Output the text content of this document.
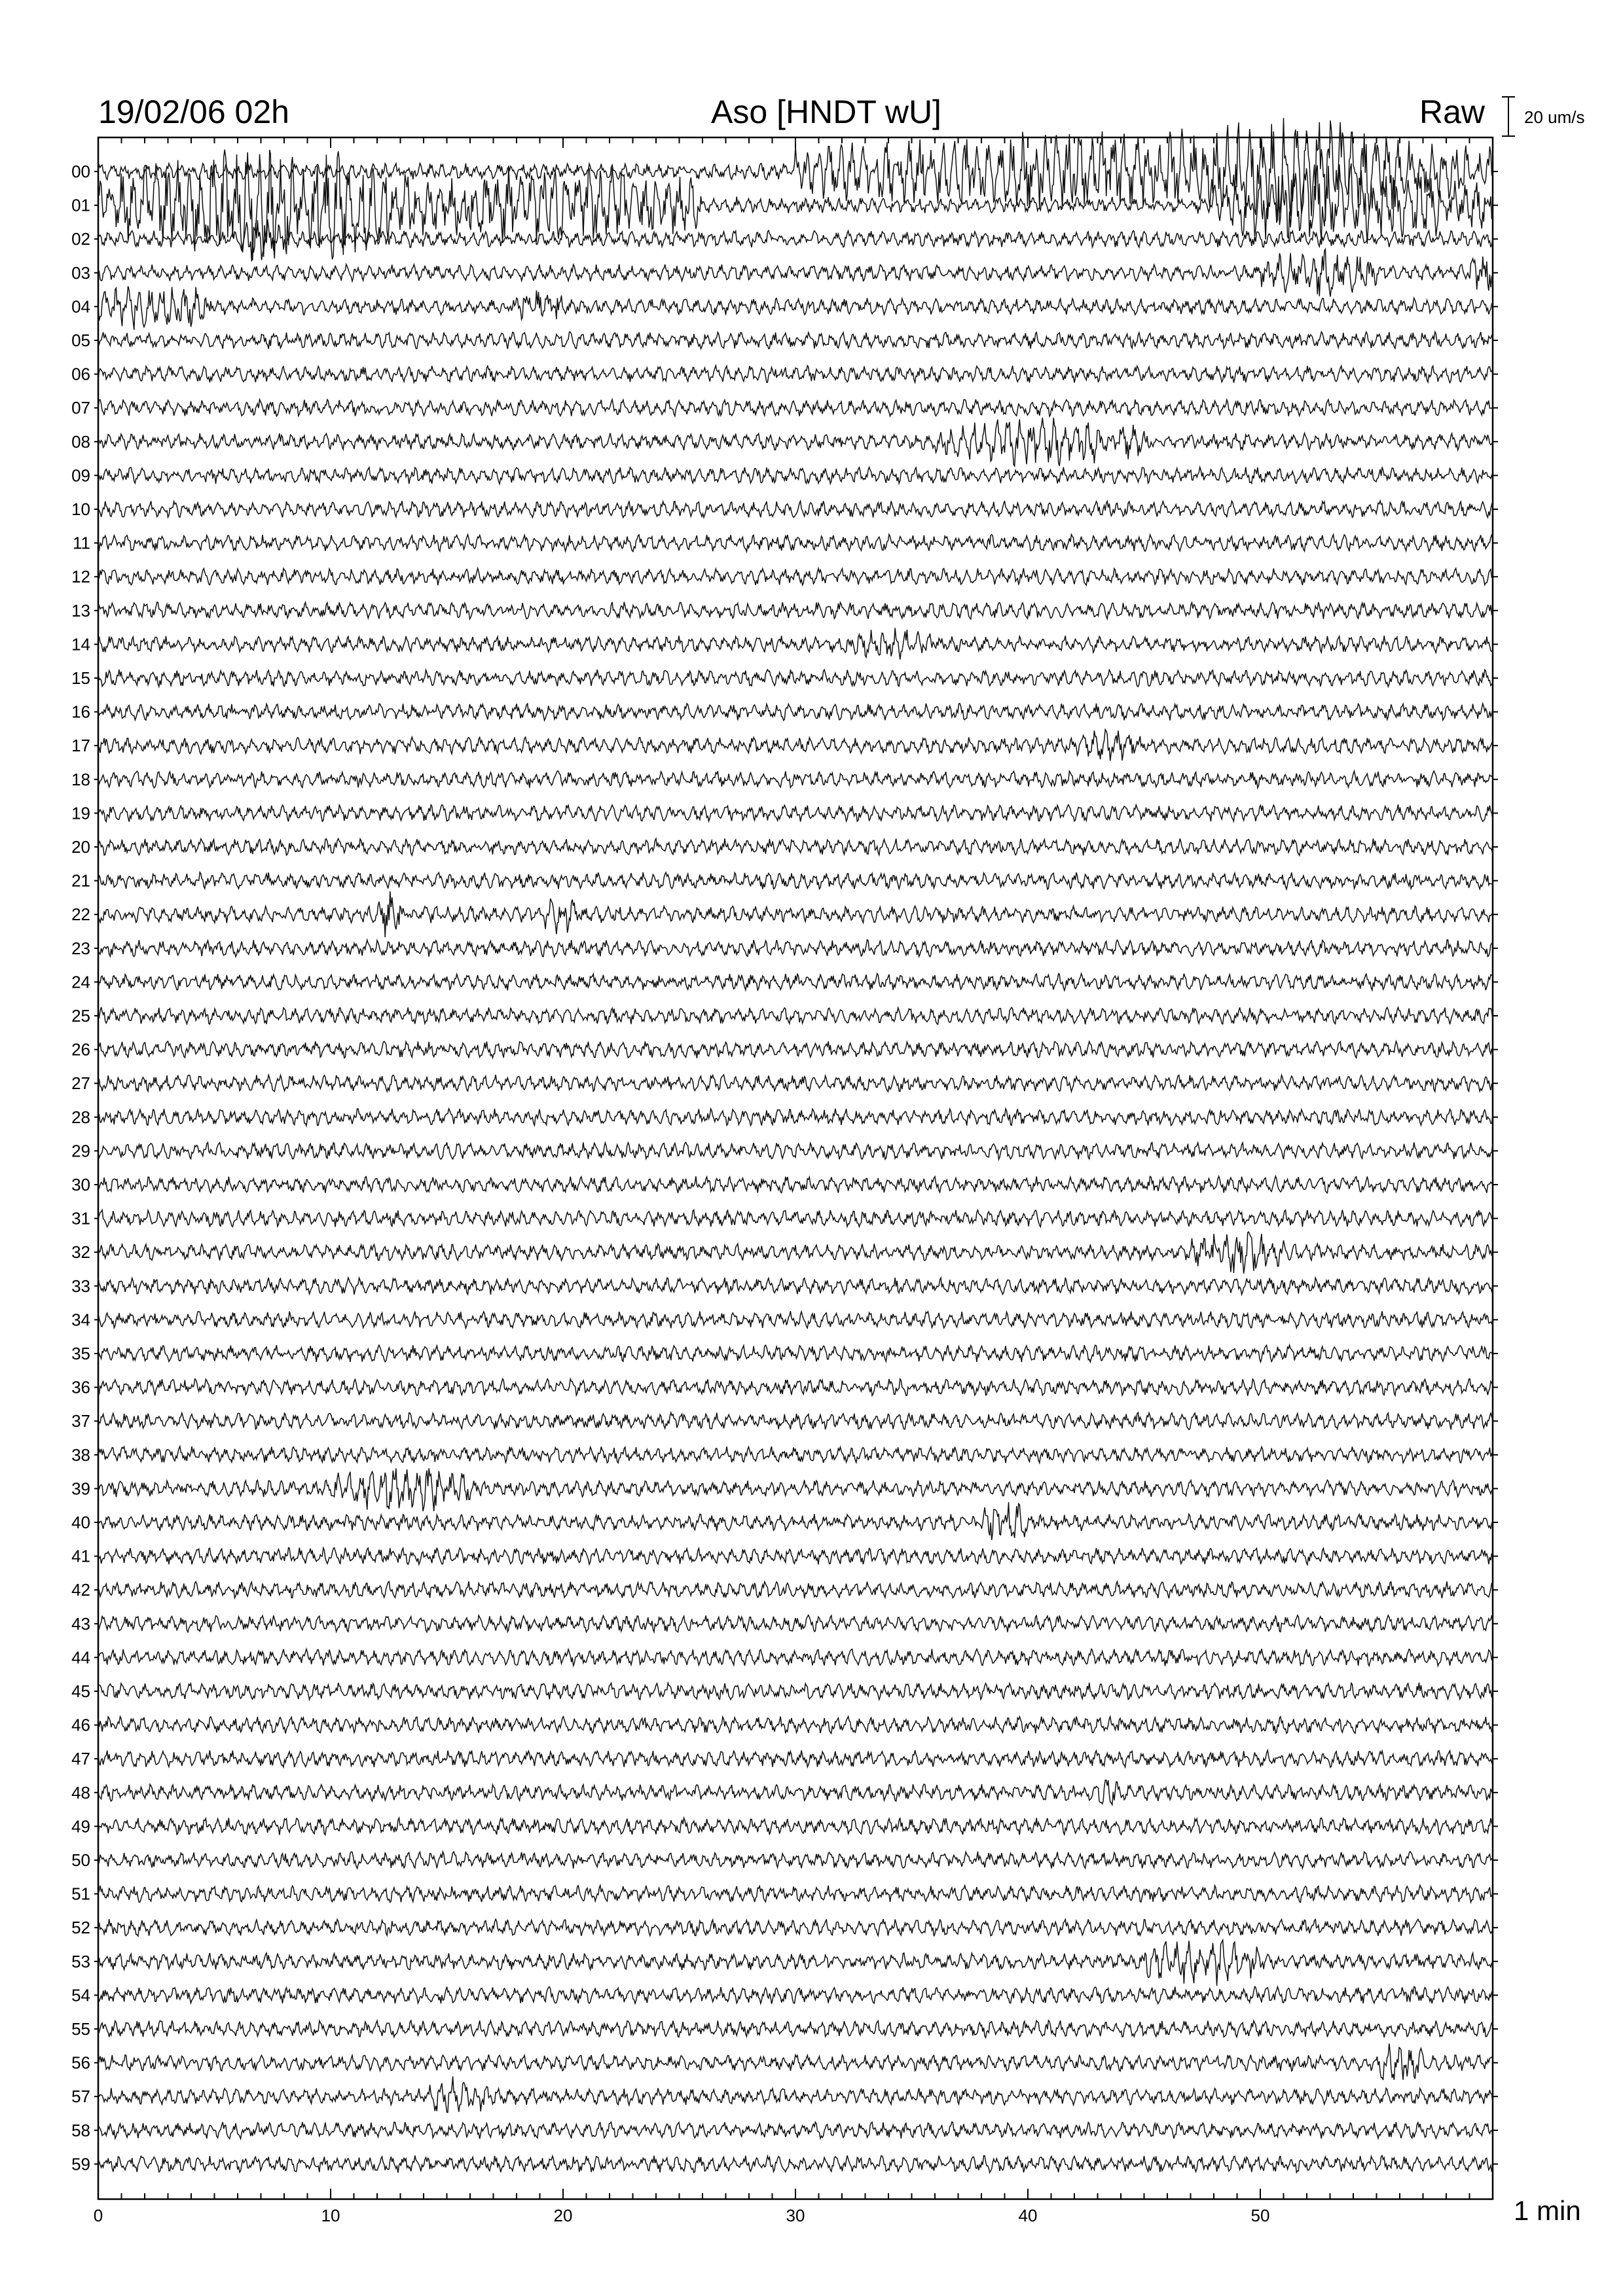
19/02/06 02h	Aso [HNDT wU]	Raw 20 um/s
1 min
00
01
02
03
04
05
06
07
08
09
10
11
12
13
14
15
16
17
18
19
20
21
22
23
24
25
26
27
28
29
30
31
32
33
34
35
36
37
38
39
40
41
42
43
44
45
46
47
48
49
50
51
52
53
54
55
56
57
58
59
0	10	20	30	40	50
